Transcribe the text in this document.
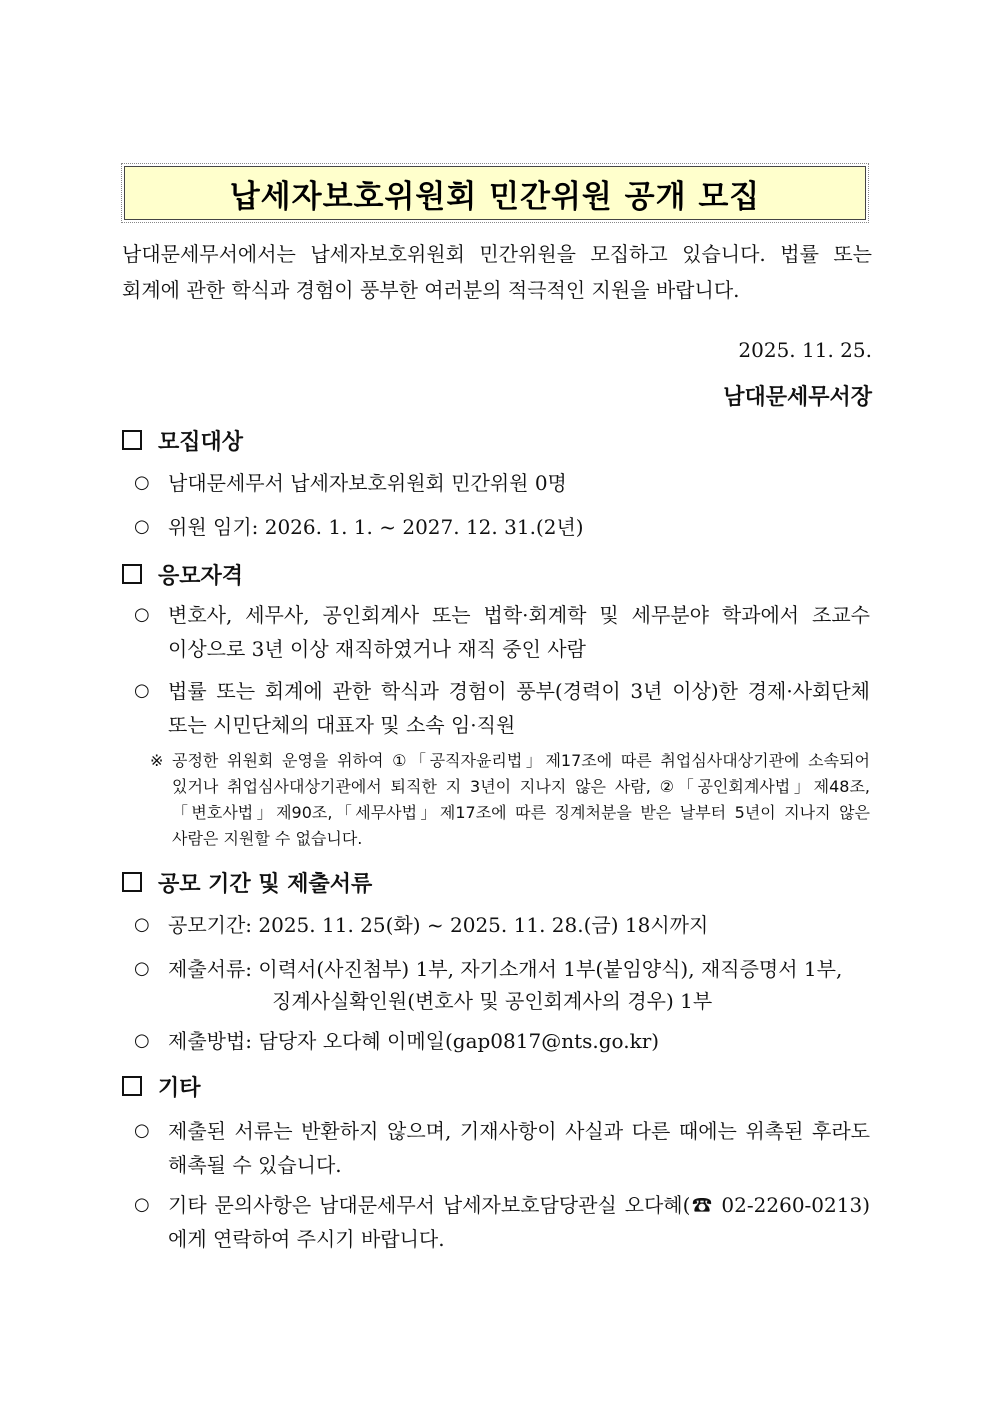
납세자보호위원회 민간위원 공개 모집
남대문세무서에서는 납세자보호위원회 민간위원을 모집하고 있습니다. 법률 또는 회계에 관한 학식과 경험이 풍부한 여러분의 적극적인 지원을 바랍니다.
2025. 11. 25.
남대문세무서장
모집대상
○ 남대문세무서 납세자보호위원회 민간위원 0명
○ 위원 임기: 2026. 1. 1. ~ 2027. 12. 31.(2년)
응모자격
○ 변호사, 세무사, 공인회계사 또는 법학·회계학 및 세무분야 학과에서 조교수 이상으로 3년 이상 재직하였거나 재직 중인 사람
○ 법률 또는 회계에 관한 학식과 경험이 풍부(경력이 3년 이상)한 경제·사회단체 또는 시민단체의 대표자 및 소속 임·직원
※ 공정한 위원회 운영을 위하여 ①「공직자윤리법」제17조에 따른 취업심사대상기관에 소속되어 있거나 취업심사대상기관에서 퇴직한 지 3년이 지나지 않은 사람, ②「공인회계사법」제48조,「변호사법」제90조,「세무사법」제17조에 따른 징계처분을 받은 날부터 5년이 지나지 않은 사람은 지원할 수 없습니다.
공모 기간 및 제출서류
○ 공모기간: 2025. 11. 25(화) ~ 2025. 11. 28.(금) 18시까지
○ 제출서류: 이력서(사진첨부) 1부, 자기소개서 1부(붙임양식), 재직증명서 1부,
징계사실확인원(변호사 및 공인회계사의 경우) 1부
○ 제출방법: 담당자 오다혜 이메일(gap0817@nts.go.kr)
기타
○ 제출된 서류는 반환하지 않으며, 기재사항이 사실과 다른 때에는 위촉된 후라도 해촉될 수 있습니다.
○ 기타 문의사항은 남대문세무서 납세자보호담당관실 오다혜(☎ 02-2260-0213)에게 연락하여 주시기 바랍니다.
